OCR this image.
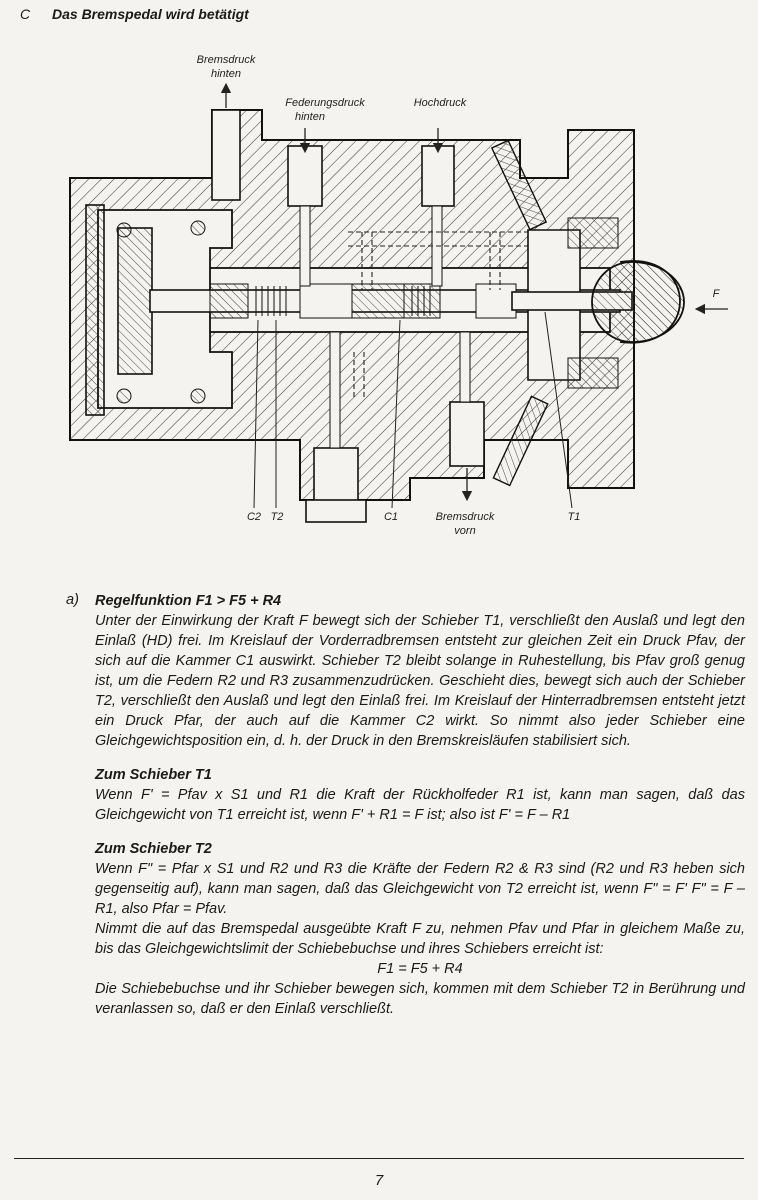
C Das Bremspedal wird betätigt
Bremsdruck
hinten
Federungsdruck
hinten
Hochdruck
F
C2 T2	C1	Bremsdruck
vorn
T1
a) Regelfunktion F1 > F5 + R4

Unter der Einwirkung der Kraft F bewegt sich der Schieber T1, verschließt den Auslaß und legt den Einlaß (HD) frei. Im Kreislauf der Vorderradbremsen entsteht zur gleichen Zeit ein Druck Pfav, der sich auf die Kammer C1 auswirkt. Schieber T2 bleibt solange in Ruhestellung, bis Pfav groß genug ist, um die Federn R2 und R3 zusammenzudrücken. Geschieht dies, bewegt sich auch der Schieber T2, verschließt den Auslaß und legt den Einlaß frei. Im Kreislauf der Hinterradbremsen entsteht jetzt ein Druck Pfar, der auch auf die Kammer C2 wirkt. So nimmt also jeder Schieber eine Gleichgewichtsposition ein, d. h. der Druck in den Bremskreisläufen stabilisiert sich.

Zum Schieber T1

Wenn F' = Pfav x S1 und R1 die Kraft der Rückholfeder R1 ist, kann man sagen, daß das Gleichgewicht von T1 erreicht ist, wenn F' + R1 = F ist; also ist F' = F – R1

Zum Schieber T2

Wenn F" = Pfar x S1 und R2 und R3 die Kräfte der Federn R2 & R3 sind (R2 und R3 heben sich gegenseitig auf), kann man sagen, daß das Gleichgewicht von T2 erreicht ist, wenn F" = F' F" = F – R1, also Pfar = Pfav.

Nimmt die auf das Bremspedal ausgeübte Kraft F zu, nehmen Pfav und Pfar in gleichem Maße zu, bis das Gleichgewichtslimit der Schiebebuchse und ihres Schiebers erreicht ist:

F1 = F5 + R4

Die Schiebebuchse und ihr Schieber bewegen sich, kommen mit dem Schieber T2 in Berührung und veranlassen so, daß er den Einlaß verschließt.

7
